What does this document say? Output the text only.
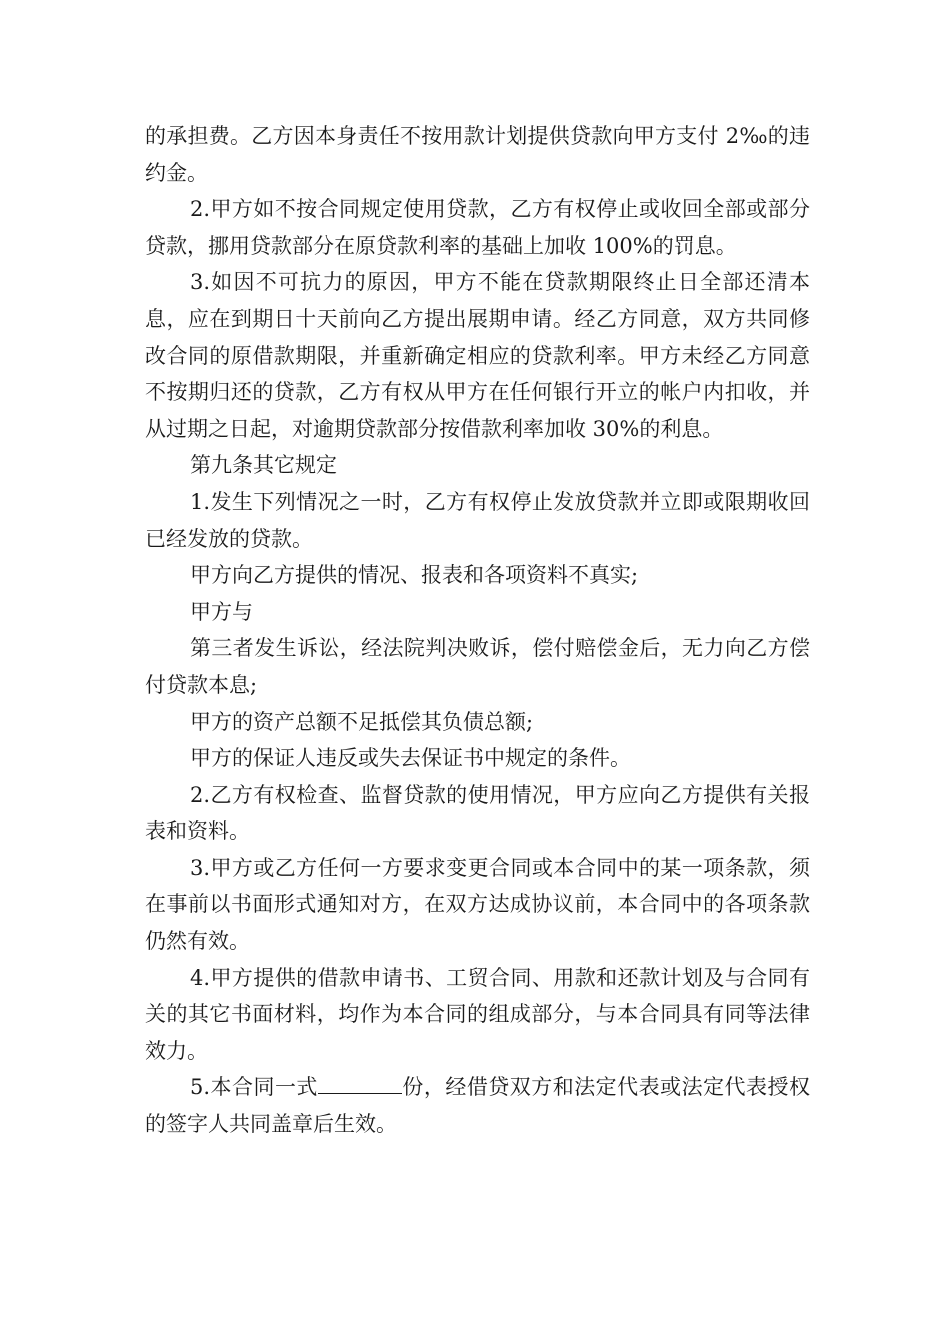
的承担费。乙方因本身责任不按用款计划提供贷款向甲方支付 2‰的违约金。

2.甲方如不按合同规定使用贷款，乙方有权停止或收回全部或部分贷款，挪用贷款部分在原贷款利率的基础上加收 100%的罚息。

3.如因不可抗力的原因，甲方不能在贷款期限终止日全部还清本息，应在到期日十天前向乙方提出展期申请。经乙方同意，双方共同修改合同的原借款期限，并重新确定相应的贷款利率。甲方未经乙方同意不按期归还的贷款，乙方有权从甲方在任何银行开立的帐户内扣收，并从过期之日起，对逾期贷款部分按借款利率加收 30%的利息。

第九条其它规定

1.发生下列情况之一时，乙方有权停止发放贷款并立即或限期收回已经发放的贷款。

甲方向乙方提供的情况、报表和各项资料不真实;

甲方与

第三者发生诉讼，经法院判决败诉，偿付赔偿金后，无力向乙方偿付贷款本息;

甲方的资产总额不足抵偿其负债总额;

甲方的保证人违反或失去保证书中规定的条件。

2.乙方有权检查、监督贷款的使用情况，甲方应向乙方提供有关报表和资料。

3.甲方或乙方任何一方要求变更合同或本合同中的某一项条款，须在事前以书面形式通知对方，在双方达成协议前，本合同中的各项条款仍然有效。

4.甲方提供的借款申请书、工贸合同、用款和还款计划及与合同有关的其它书面材料，均作为本合同的组成部分，与本合同具有同等法律效力。

5.本合同一式	份，经借贷双方和法定代表或法定代表授权的签字人共同盖章后生效。
